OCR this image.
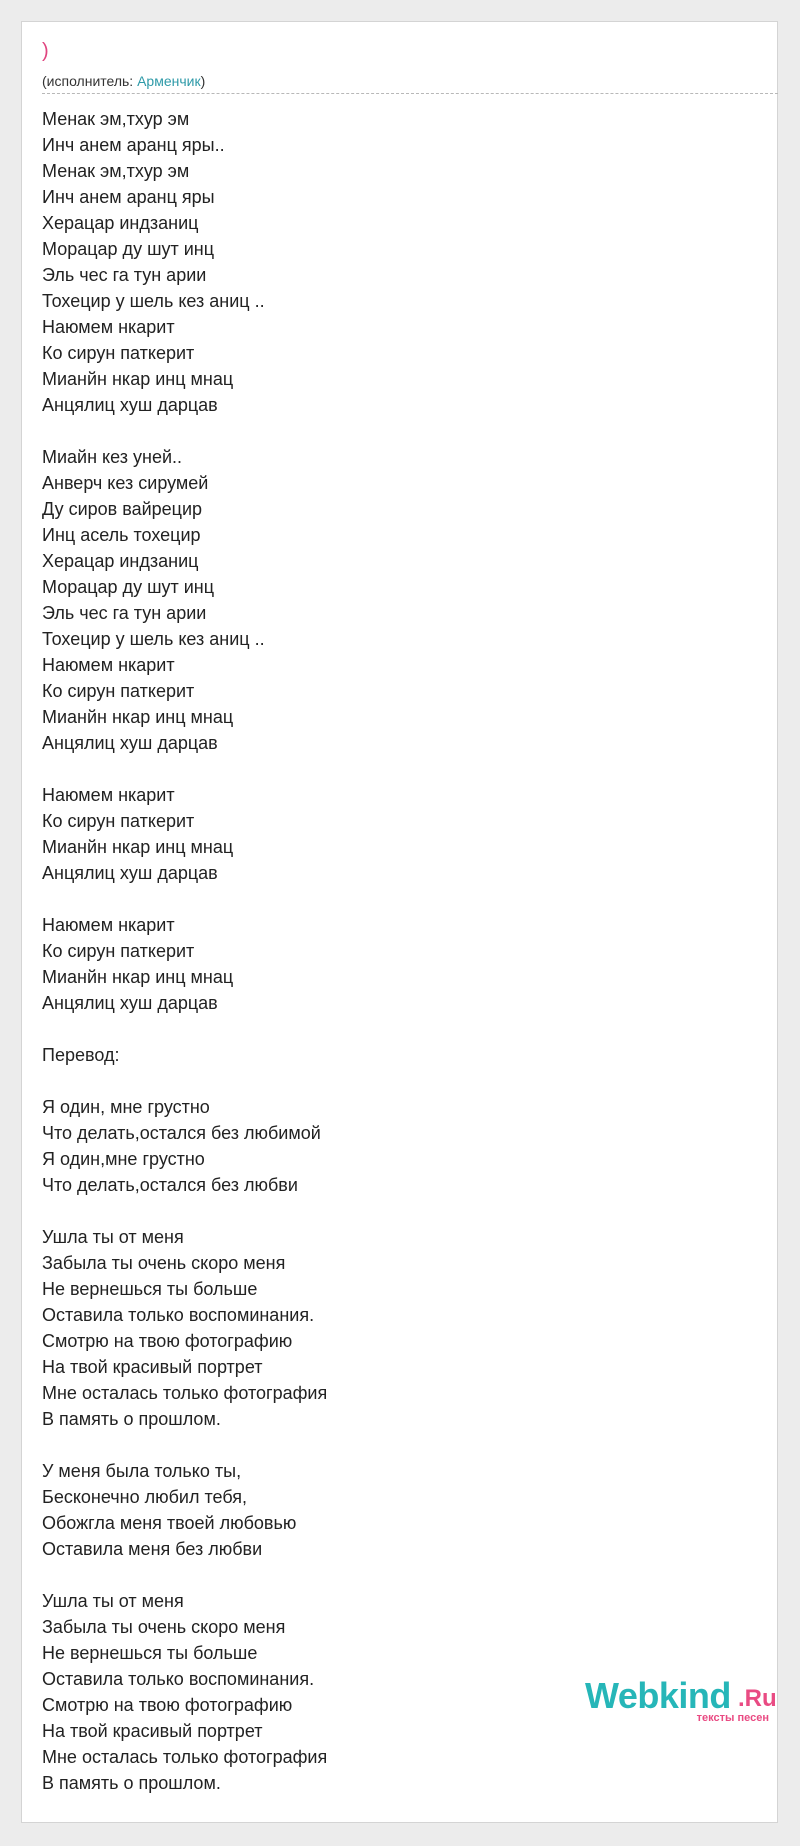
)
(исполнитель: Арменчик)
Менак эм,тхур эм
Инч анем аранц яры..
Менак эм,тхур эм
Инч анем аранц яры
Херацар индзаниц
Морацар ду шут инц
Эль чес га тун арии
Тохецир у шель кез аниц ..
Наюмем нкарит
Ко сирун паткерит
Мианйн нкар инц мнац
Анцялиц хуш дарцав
Миайн кез уней..
Анверч кез сирумей
Ду сиров вайрецир
Инц асель тохецир
Херацар индзаниц
Морацар ду шут инц
Эль чес га тун арии
Тохецир у шель кез аниц ..
Наюмем нкарит
Ко сирун паткерит
Мианйн нкар инц мнац
Анцялиц хуш дарцав
Наюмем нкарит
Ко сирун паткерит
Мианйн нкар инц мнац
Анцялиц хуш дарцав
Наюмем нкарит
Ко сирун паткерит
Мианйн нкар инц мнац
Анцялиц хуш дарцав
Перевод:
Я один, мне грустно
Что делать,остался без любимой
Я один,мне грустно
Что делать,остался без любви
Ушла ты от меня
Забыла ты очень скоро меня
Не вернешься ты больше
Оставила только воспоминания.
Смотрю на твою фотографию
На твой красивый портрет
Мне осталась только фотография
В память о прошлом.
У меня была только ты,
Бесконечно любил тебя,
Обожгла меня твоей любовью
Оставила меня без любви
Ушла ты от меня
Забыла ты очень скоро меня
Не вернешься ты больше
Оставила только воспоминания.
Смотрю на твою фотографию
На твой красивый портрет
Мне осталась только фотография
В память о прошлом.
Webkind .Ru
тексты песен
